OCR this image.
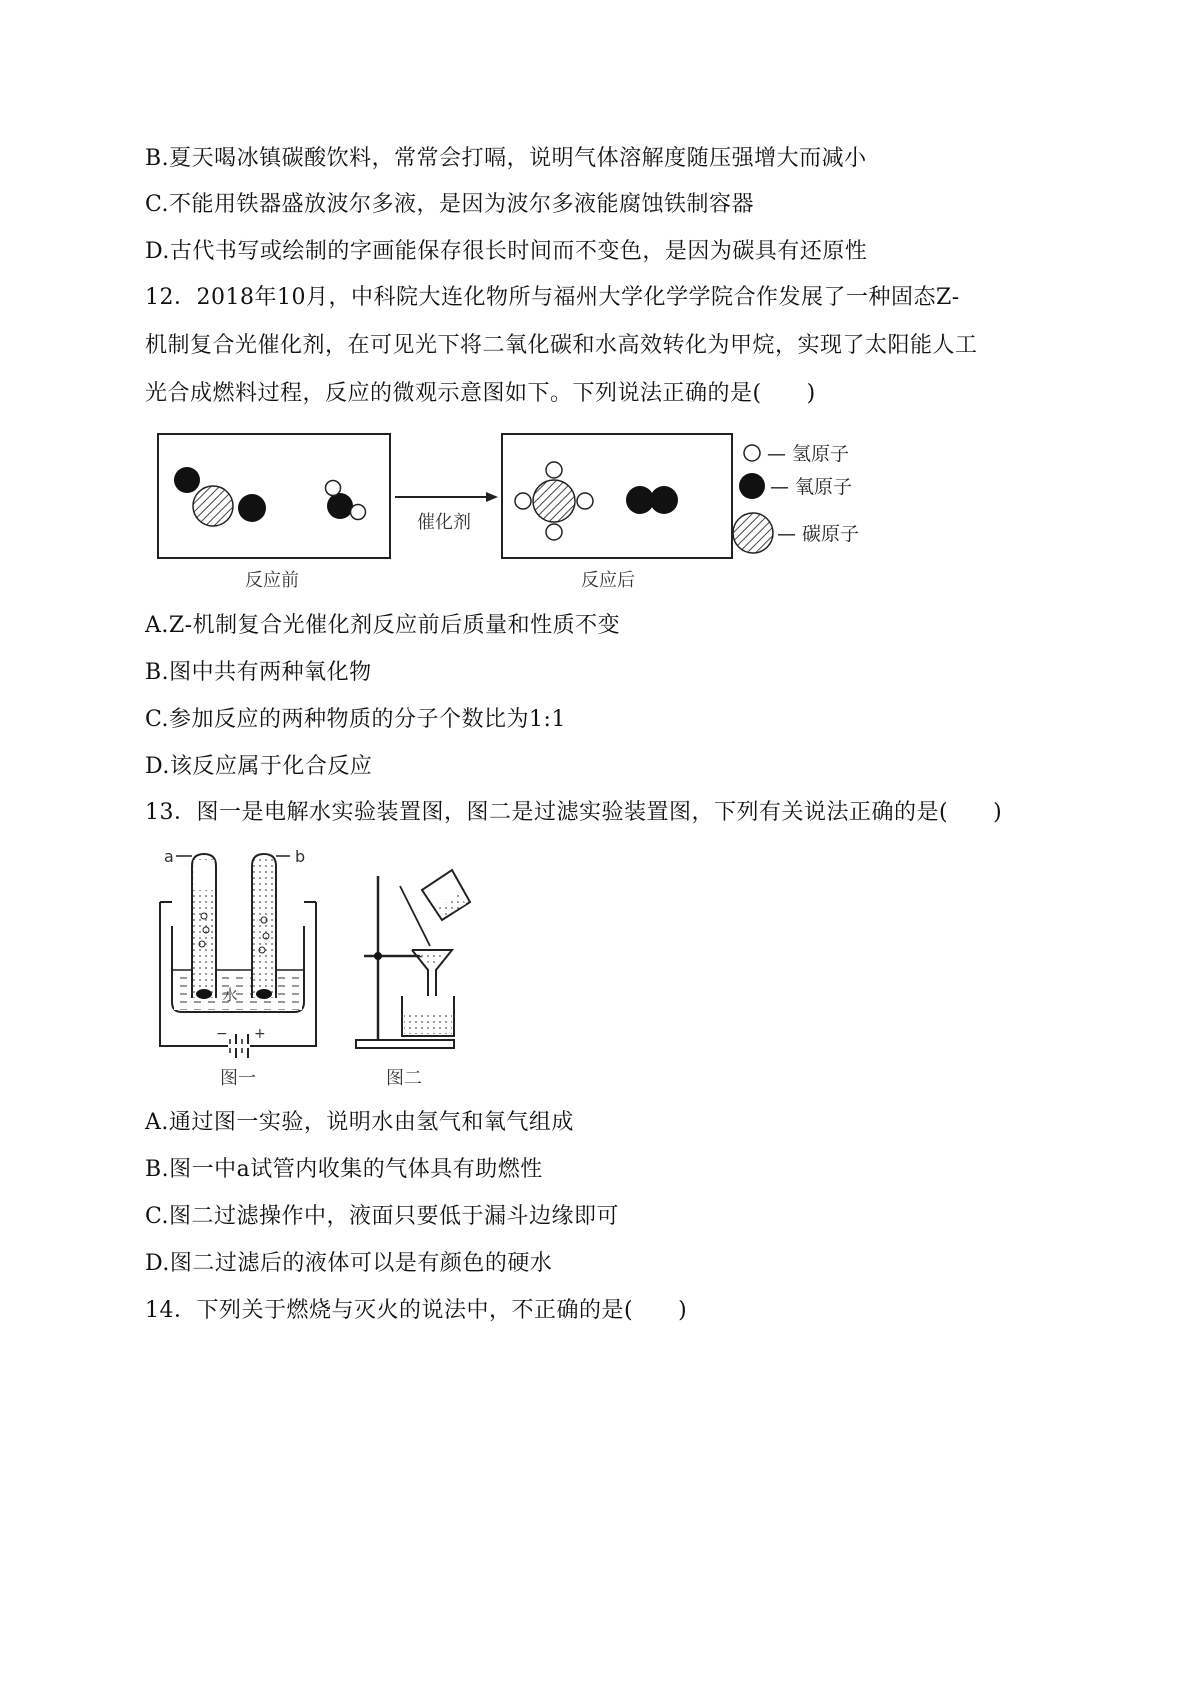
B.夏天喝冰镇碳酸饮料，常常会打嗝，说明气体溶解度随压强增大而减小
C.不能用铁器盛放波尔多液，是因为波尔多液能腐蚀铁制容器
D.古代书写或绘制的字画能保存很长时间而不变色，是因为碳具有还原性
12．2018年10月，中科院大连化物所与福州大学化学学院合作发展了一种固态Z-
机制复合光催化剂，在可见光下将二氧化碳和水高效转化为甲烷，实现了太阳能人工
光合成燃料过程，反应的微观示意图如下。下列说法正确的是(　　)
催化剂
反应前	反应后
— 氢原子
— 氧原子
— 碳原子
A.Z-机制复合光催化剂反应前后质量和性质不变
B.图中共有两种氧化物
C.参加反应的两种物质的分子个数比为1:1
D.该反应属于化合反应
13．图一是电解水实验装置图，图二是过滤实验装置图，下列有关说法正确的是(　　)
水
a	b
− +
图一	图二
A.通过图一实验，说明水由氢气和氧气组成
B.图一中a试管内收集的气体具有助燃性
C.图二过滤操作中，液面只要低于漏斗边缘即可
D.图二过滤后的液体可以是有颜色的硬水
14．下列关于燃烧与灭火的说法中，不正确的是(　　)
